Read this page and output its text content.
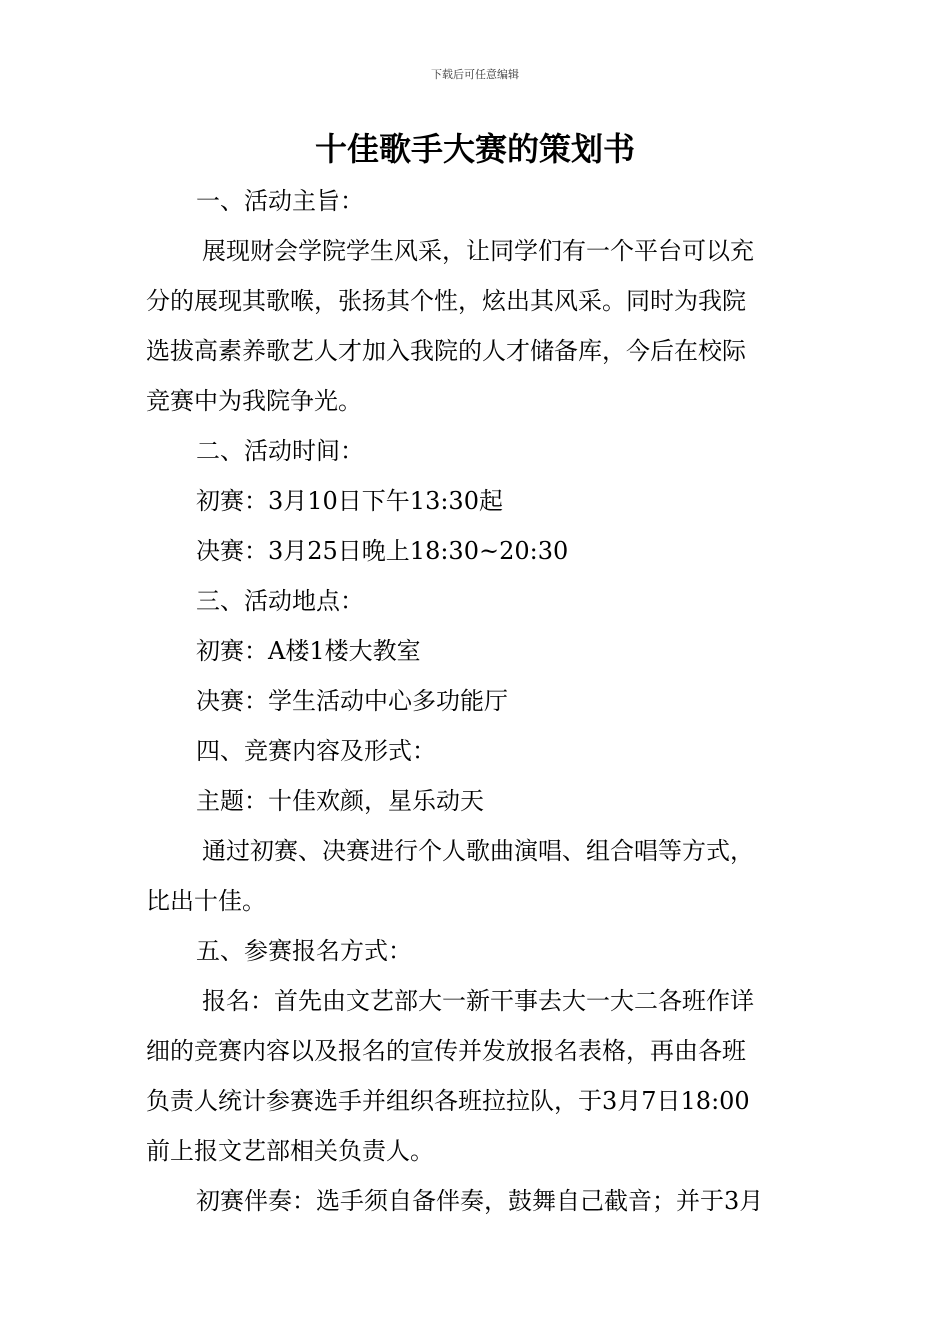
下载后可任意编辑
十佳歌手大赛的策划书
一、活动主旨：
展现财会学院学生风采，让同学们有一个平台可以充
分的展现其歌喉，张扬其个性，炫出其风采。同时为我院
选拔高素养歌艺人才加入我院的人才储备库，今后在校际
竞赛中为我院争光。
二、活动时间：
初赛：3月10日下午13:30起
决赛：3月25日晚上18:30~20:30
三、活动地点：
初赛：A楼1楼大教室
决赛：学生活动中心多功能厅
四、竞赛内容及形式：
主题：十佳欢颜，星乐动天
通过初赛、决赛进行个人歌曲演唱、组合唱等方式，
比出十佳。
五、参赛报名方式：
报名：首先由文艺部大一新干事去大一大二各班作详
细的竞赛内容以及报名的宣传并发放报名表格，再由各班
负责人统计参赛选手并组织各班拉拉队，于3月7日18:00
前上报文艺部相关负责人。
初赛伴奏：选手须自备伴奏，鼓舞自己截音；并于3月
